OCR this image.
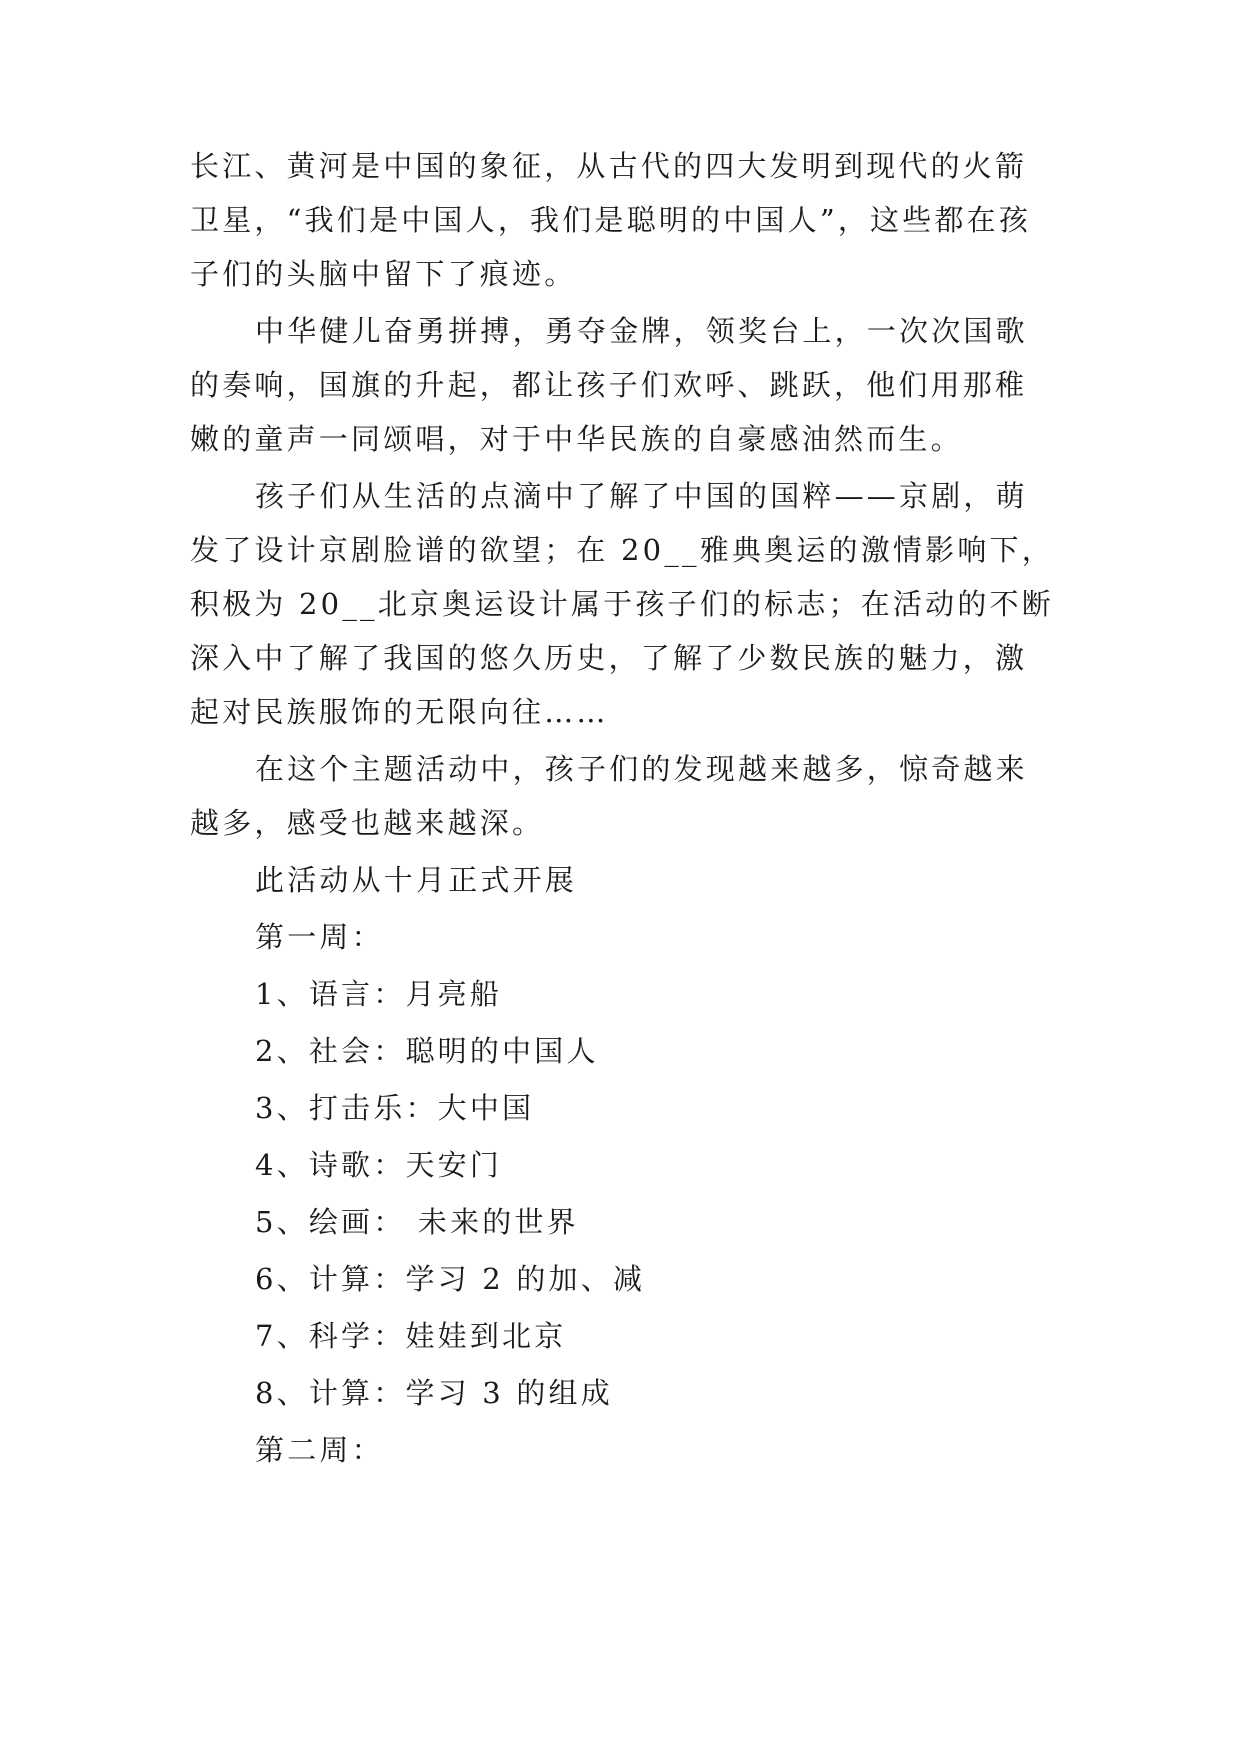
长江、黄河是中国的象征，从古代的四大发明到现代的火箭
卫星，“我们是中国人，我们是聪明的中国人”，这些都在孩
子们的头脑中留下了痕迹。
中华健儿奋勇拼搏，勇夺金牌，领奖台上，一次次国歌
的奏响，国旗的升起，都让孩子们欢呼、跳跃，他们用那稚
嫩的童声一同颂唱，对于中华民族的自豪感油然而生。
孩子们从生活的点滴中了解了中国的国粹——京剧，萌
发了设计京剧脸谱的欲望；在 20__雅典奥运的激情影响下，
积极为 20__北京奥运设计属于孩子们的标志；在活动的不断
深入中了解了我国的悠久历史，了解了少数民族的魅力，激
起对民族服饰的无限向往……
在这个主题活动中，孩子们的发现越来越多，惊奇越来
越多，感受也越来越深。
此活动从十月正式开展
第一周：
1、语言：月亮船
2、社会：聪明的中国人
3、打击乐：大中国
4、诗歌：天安门
5、绘画： 未来的世界
6、计算：学习 2 的加、减
7、科学：娃娃到北京
8、计算：学习 3 的组成
第二周：
